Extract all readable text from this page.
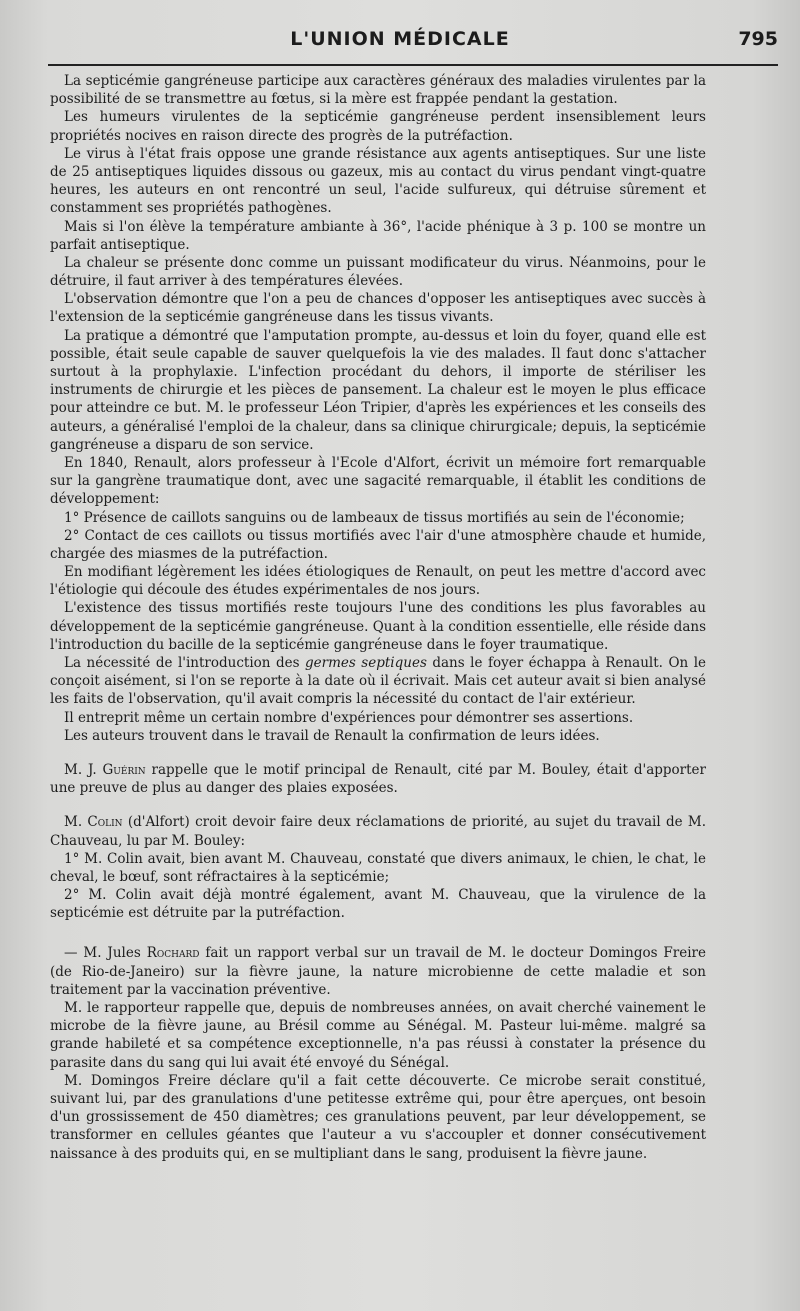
L'UNION MÉDICALE	795

La septicémie gangréneuse participe aux caractères généraux des maladies virulentes par la possibilité de se transmettre au fœtus, si la mère est frappée pendant la gestation.

Les humeurs virulentes de la septicémie gangréneuse perdent insensiblement leurs propriétés nocives en raison directe des progrès de la putréfaction.

Le virus à l'état frais oppose une grande résistance aux agents antiseptiques. Sur une liste de 25 antiseptiques liquides dissous ou gazeux, mis au contact du virus pendant vingt-quatre heures, les auteurs en ont rencontré un seul, l'acide sulfureux, qui détruise sûrement et constamment ses propriétés pathogènes.

Mais si l'on élève la température ambiante à 36°, l'acide phénique à 3 p. 100 se montre un parfait antiseptique.

La chaleur se présente donc comme un puissant modificateur du virus. Néanmoins, pour le détruire, il faut arriver à des températures élevées.

L'observation démontre que l'on a peu de chances d'opposer les antiseptiques avec succès à l'extension de la septicémie gangréneuse dans les tissus vivants.

La pratique a démontré que l'amputation prompte, au-dessus et loin du foyer, quand elle est possible, était seule capable de sauver quelquefois la vie des malades. Il faut donc s'attacher surtout à la prophylaxie. L'infection procédant du dehors, il importe de stériliser les instruments de chirurgie et les pièces de pansement. La chaleur est le moyen le plus efficace pour atteindre ce but. M. le professeur Léon Tripier, d'après les expériences et les conseils des auteurs, a généralisé l'emploi de la chaleur, dans sa clinique chirurgicale; depuis, la septicémie gangréneuse a disparu de son service.

En 1840, Renault, alors professeur à l'Ecole d'Alfort, écrivit un mémoire fort remarquable sur la gangrène traumatique dont, avec une sagacité remarquable, il établit les conditions de développement:

1° Présence de caillots sanguins ou de lambeaux de tissus mortifiés au sein de l'économie;

2° Contact de ces caillots ou tissus mortifiés avec l'air d'une atmosphère chaude et humide, chargée des miasmes de la putréfaction.

En modifiant légèrement les idées étiologiques de Renault, on peut les mettre d'accord avec l'étiologie qui découle des études expérimentales de nos jours.

L'existence des tissus mortifiés reste toujours l'une des conditions les plus favorables au développement de la septicémie gangréneuse. Quant à la condition essentielle, elle réside dans l'introduction du bacille de la septicémie gangréneuse dans le foyer traumatique.

La nécessité de l'introduction des germes septiques dans le foyer échappa à Renault. On le conçoit aisément, si l'on se reporte à la date où il écrivait. Mais cet auteur avait si bien analysé les faits de l'observation, qu'il avait compris la nécessité du contact de l'air extérieur.

Il entreprit même un certain nombre d'expériences pour démontrer ses assertions.

Les auteurs trouvent dans le travail de Renault la confirmation de leurs idées.

M. J. Guérin rappelle que le motif principal de Renault, cité par M. Bouley, était d'apporter une preuve de plus au danger des plaies exposées.

M. Colin (d'Alfort) croit devoir faire deux réclamations de priorité, au sujet du travail de M. Chauveau, lu par M. Bouley:

1° M. Colin avait, bien avant M. Chauveau, constaté que divers animaux, le chien, le chat, le cheval, le bœuf, sont réfractaires à la septicémie;

2° M. Colin avait déjà montré également, avant M. Chauveau, que la virulence de la septicémie est détruite par la putréfaction.

— M. Jules Rochard fait un rapport verbal sur un travail de M. le docteur Domingos Freire (de Rio-de-Janeiro) sur la fièvre jaune, la nature microbienne de cette maladie et son traitement par la vaccination préventive.

M. le rapporteur rappelle que, depuis de nombreuses années, on avait cherché vainement le microbe de la fièvre jaune, au Brésil comme au Sénégal. M. Pasteur lui-même. malgré sa grande habileté et sa compétence exceptionnelle, n'a pas réussi à constater la présence du parasite dans du sang qui lui avait été envoyé du Sénégal.

M. Domingos Freire déclare qu'il a fait cette découverte. Ce microbe serait constitué, suivant lui, par des granulations d'une petitesse extrême qui, pour être aperçues, ont besoin d'un grossissement de 450 diamètres; ces granulations peuvent, par leur développement, se transformer en cellules géantes que l'auteur a vu s'accoupler et donner consécutivement naissance à des produits qui, en se multipliant dans le sang, produisent la fièvre jaune.
